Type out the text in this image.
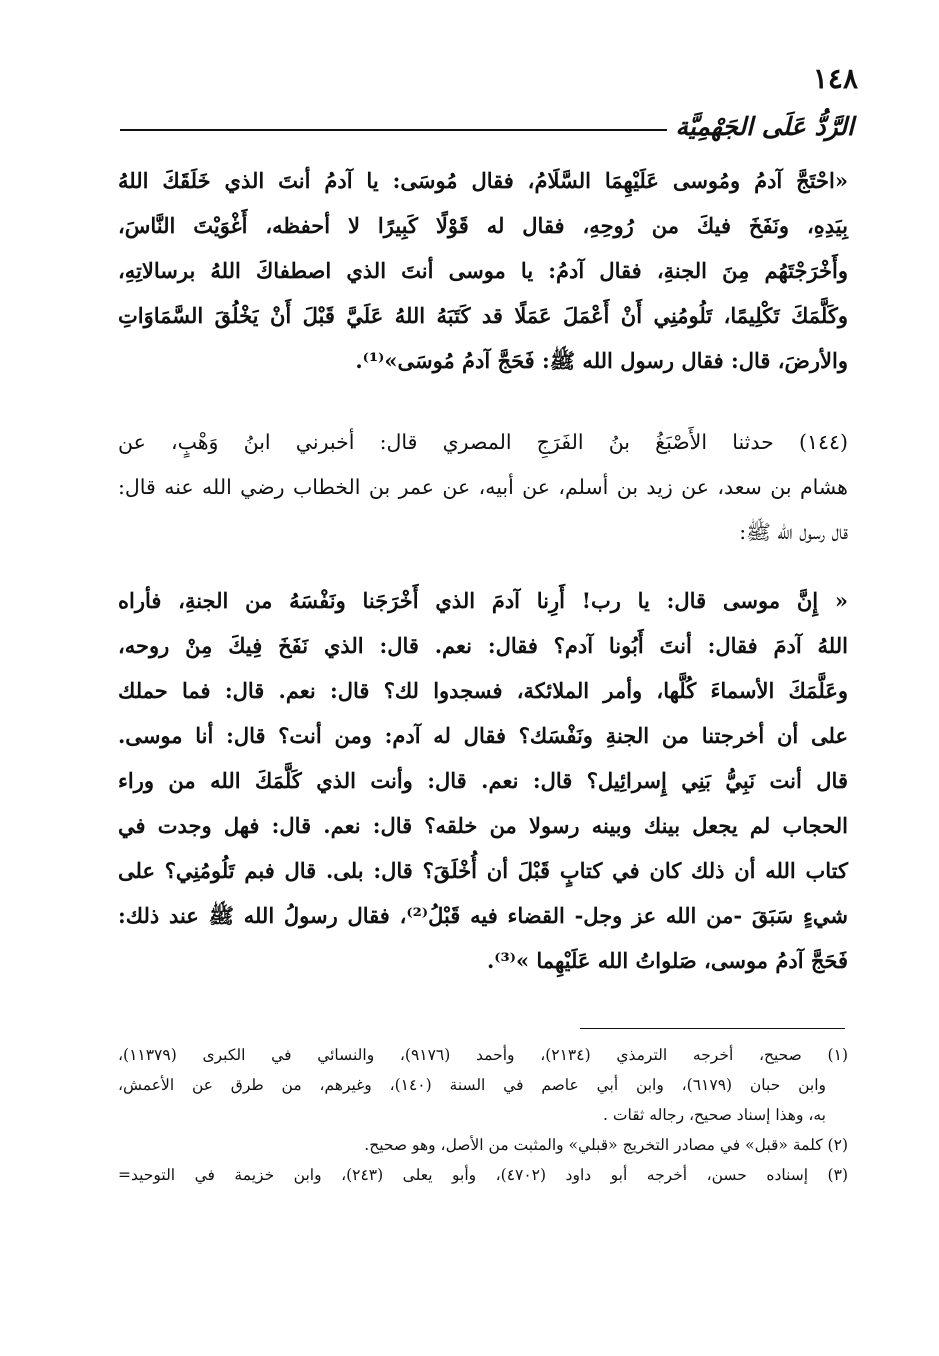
١٤٨
الرَّدُّ عَلَى الجَهْمِيَّة
«احْتَجَّ آدمُ ومُوسى عَلَيْهِمَا السَّلَامُ، فقال مُوسَى: يا آدمُ أنتَ الذي خَلَقَكَ اللهُ
بِيَدِهِ، ونَفَخَ فيكَ من رُوحِهِ، فقال له قَوْلًا كَبِيرًا لا أحفظه، أَغْوَيْتَ النَّاسَ،
وأَخْرَجْتَهُم مِنَ الجنةِ، فقال آدمُ: يا موسى أنتَ الذي اصطفاكَ اللهُ برسالاتِهِ،
وكَلَّمَكَ تَكْلِيمًا، تَلُومُنِي أَنْ أَعْمَلَ عَمَلًا قد كَتَبَهُ اللهُ عَلَيَّ قَبْلَ أَنْ يَخْلُقَ السَّمَاوَاتِ
والأرضَ، قال: فقال رسول الله ﷺ: فَحَجَّ آدمُ مُوسَى»⁽¹⁾.
(١٤٤) حدثنا الأَصْبَغُ بنُ الفَرَجِ المصري قال: أخبرني ابنُ وَهْبٍ، عن
هشام بن سعد، عن زيد بن أسلم، عن أبيه، عن عمر بن الخطاب رضي الله عنه قال:
قال رسول الله ﷺ:
« إِنَّ موسى قال: يا رب! أَرِنا آدمَ الذي أَخْرَجَنا ونَفْسَهُ من الجنةِ، فأراه
اللهُ آدمَ فقال: أنتَ أَبُونا آدم؟ فقال: نعم. قال: الذي نَفَخَ فِيكَ مِنْ روحه،
وعَلَّمَكَ الأسماءَ كُلَّها، وأمر الملائكة، فسجدوا لك؟ قال: نعم. قال: فما حملك
على أن أخرجتنا من الجنةِ ونَفْسَك؟ فقال له آدم: ومن أنت؟ قال: أنا موسى.
قال أنت نَبِيُّ بَنِي إِسرائِيل؟ قال: نعم. قال: وأنت الذي كَلَّمَكَ الله من وراء
الحجاب لم يجعل بينك وبينه رسولا من خلقه؟ قال: نعم. قال: فهل وجدت في
كتاب الله أن ذلك كان في كتابٍ قَبْلَ أن أُخْلَقَ؟ قال: بلى. قال فبم تَلُومُنِي؟ على
شيءٍ سَبَقَ -من الله عز وجل- القضاء فيه قَبْلُ⁽²⁾، فقال رسولُ الله ﷺ عند ذلك:
فَحَجَّ آدمُ موسى، صَلواتُ الله عَلَيْهِما »⁽³⁾.
(١) صحيح، أخرجه الترمذي (٢١٣٤)، وأحمد (٩١٧٦)، والنسائي في الكبرى (١١٣٧٩)،
وابن حبان (٦١٧٩)، وابن أبي عاصم في السنة (١٤٠)، وغيرهم، من طرق عن الأعمش،
به، وهذا إسناد صحيح، رجاله ثقات .
(٢) كلمة «قبل» في مصادر التخريج «قبلي» والمثبت من الأصل، وهو صحيح.
(٣) إسناده حسن، أخرجه أبو داود (٤٧٠٢)، وأبو يعلى (٢٤٣)، وابن خزيمة في التوحيد=
